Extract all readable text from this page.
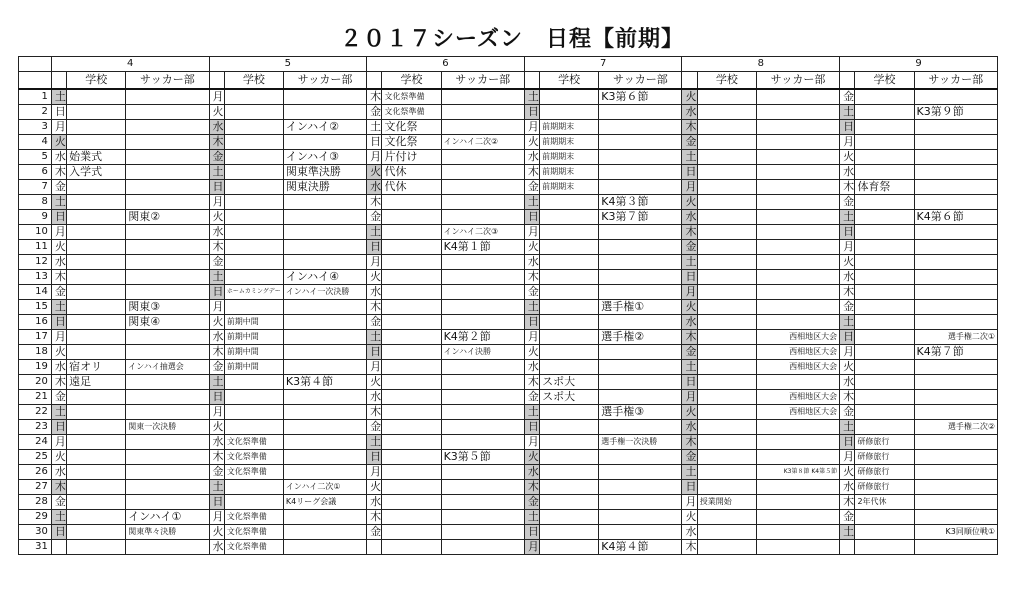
２０１７シーズン　日程【前期】
	4			5			6			7			8			9		
		学校	サッカー部		学校	サッカー部		学校	サッカー部		学校	サッカー部		学校	サッカー部		学校	サッカー部
1	土			月			木	文化祭準備		土		K3第６節	火			金		
2	日			火			金	文化祭準備		日			水			土		K3第９節
3	月			水		インハイ②	土	文化祭		月	前期期末		木			日		
4	火			木			日	文化祭	インハイ二次②	火	前期期末		金			月		
5	水	始業式		金		インハイ③	月	片付け		水	前期期末		土			火		
6	木	入学式		土		関東準決勝	火	代休		木	前期期末		日			水		
7	金			日		関東決勝	水	代休		金	前期期末		月			木	体育祭	
8	土			月			木			土		K4第３節	火			金		
9	日		関東②	火			金			日		K3第７節	水			土		K4第６節
10	月			水			土		インハイ二次③	月			木			日		
11	火			木			日		K4第１節	火			金			月		
12	水			金			月			水			土			火		
13	木			土		インハイ④	火			木			日			水		
14	金			日	ホームカミングデー	インハイ一次決勝	水			金			月			木		
15	土		関東③	月			木			土		選手権①	火			金		
16	日		関東④	火	前期中間		金			日			水			土		
17	月			水	前期中間		土		K4第２節	月		選手権②	木		西相地区大会	日		選手権二次①
18	火			木	前期中間		日		インハイ決勝	火			金		西相地区大会	月		K4第７節
19	水	宿オリ	インハイ抽選会	金	前期中間		月			水			土		西相地区大会	火		
20	木	遠足		土		K3第４節	火			木	スポ大		日			水		
21	金			日			水			金	スポ大		月		西相地区大会	木		
22	土			月			木			土		選手権③	火		西相地区大会	金		
23	日		関東一次決勝	火			金			日			水			土		選手権二次②
24	月			水	文化祭準備		土			月		選手権一次決勝	木			日	研修旅行	
25	火			木	文化祭準備		日		K3第５節	火			金			月	研修旅行	
26	水			金	文化祭準備		月			水			土		K3第８節 K4第５節	火	研修旅行	
27	木			土		インハイ二次①	火			木			日			水	研修旅行	
28	金			日		K4リーグ会議	水			金			月	授業開始		木	2年代休	
29	土		インハイ①	月	文化祭準備		木			土			火			金		
30	日		関東準々決勝	火	文化祭準備		金			日			水			土		K3同順位戦①
31				水	文化祭準備					月		K4第４節	木					
